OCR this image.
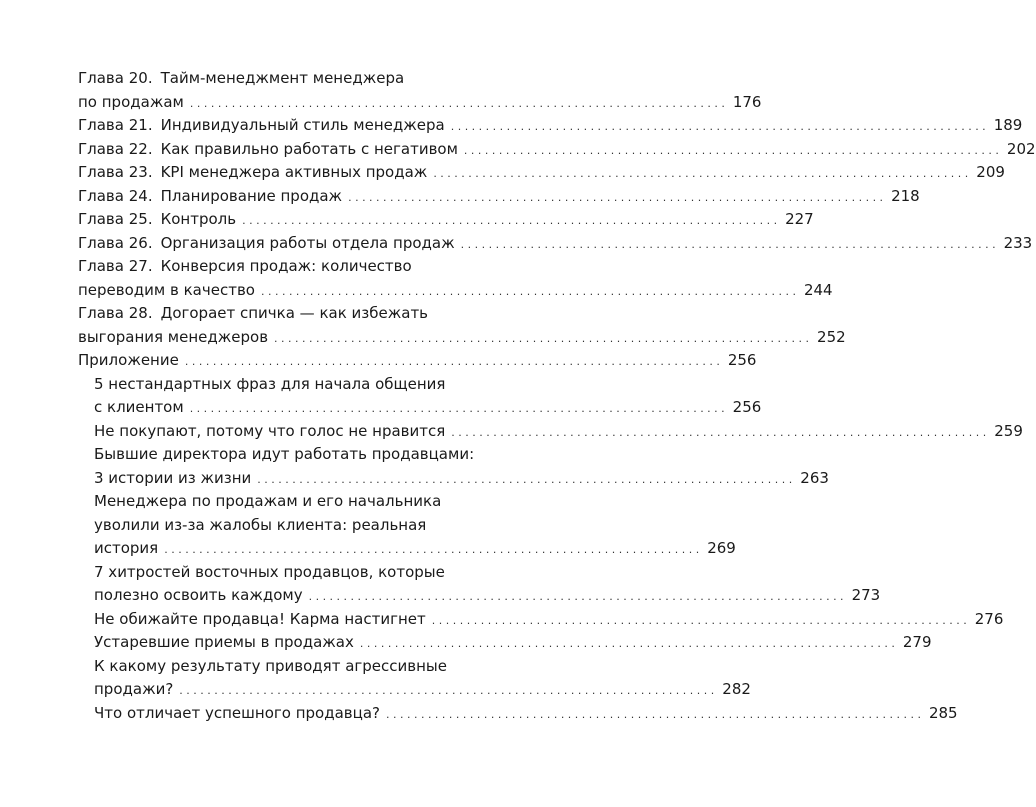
Глава 20. Тайм-менеджмент менеджера
по продажам . . .	176
Глава 21. Индивидуальный стиль менеджера . . .	189
Глава 22. Как правильно работать с негативом . . .	202
Глава 23. KPI менеджера активных продаж . . .	209
Глава 24. Планирование продаж . . .	218
Глава 25. Контроль . . .	227
Глава 26. Организация работы отдела продаж . . .	233
Глава 27. Конверсия продаж: количество
переводим в качество . . .	244
Глава 28. Догорает спичка — как избежать
выгорания менеджеров . . .	252
Приложение . . .	256
5 нестандартных фраз для начала общения
с клиентом . . .	256
Не покупают, потому что голос не нравится . . .	259
Бывшие директора идут работать продавцами:
3 истории из жизни . . .	263
Менеджера по продажам и его начальника
уволили из-за жалобы клиента: реальная
история . . .	269
7 хитростей восточных продавцов, которые
полезно освоить каждому . . .	273
Не обижайте продавца! Карма настигнет . . .	276
Устаревшие приемы в продажах . . .	279
К какому результату приводят агрессивные
продажи? . . .	282
Что отличает успешного продавца? . . .	285
